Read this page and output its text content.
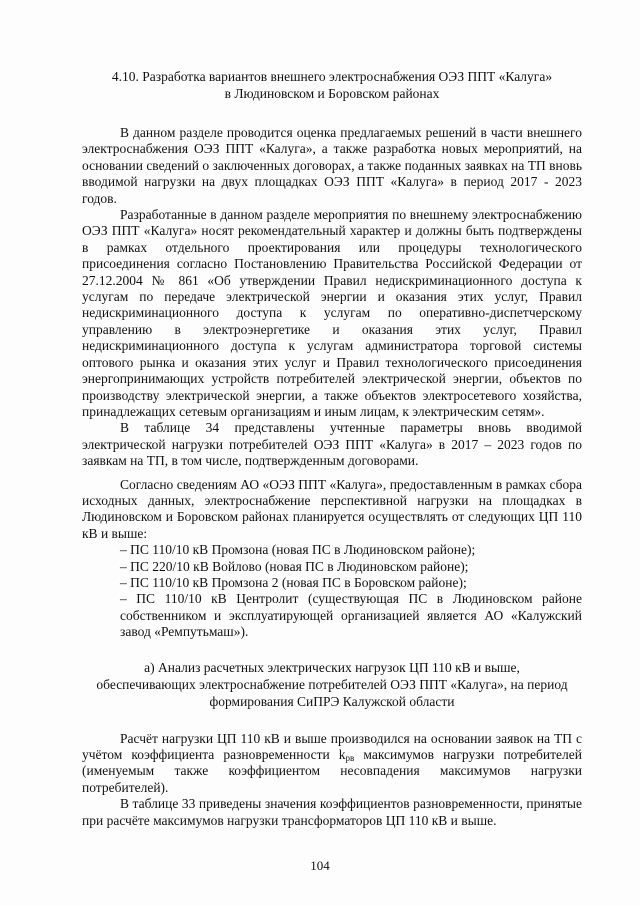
4.10. Разработка вариантов внешнего электроснабжения ОЭЗ ППТ «Калуга»
в Людиновском и Боровском районах

В данном разделе проводится оценка предлагаемых решений в части внешнего электроснабжения ОЭЗ ППТ «Калуга», а также разработка новых мероприятий, на основании сведений о заключенных договорах, а также поданных заявках на ТП вновь вводимой нагрузки на двух площадках ОЭЗ ППТ «Калуга» в период 2017 - 2023 годов.

Разработанные в данном разделе мероприятия по внешнему электроснабжению ОЭЗ ППТ «Калуга» носят рекомендательный характер и должны быть подтверждены в рамках отдельного проектирования или процедуры технологического присоединения согласно Постановлению Правительства Российской Федерации от 27.12.2004 № 861 «Об утверждении Правил недискриминационного доступа к услугам по передаче электрической энергии и оказания этих услуг, Правил недискриминационного доступа к услугам по оперативно-диспетчерскому управлению в электроэнергетике и оказания этих услуг, Правил недискриминационного доступа к услугам администратора торговой системы оптового рынка и оказания этих услуг и Правил технологического присоединения энергопринимающих устройств потребителей электрической энергии, объектов по производству электрической энергии, а также объектов электросетевого хозяйства, принадлежащих сетевым организациям и иным лицам, к электрическим сетям».

В таблице 34 представлены учтенные параметры вновь вводимой электрической нагрузки потребителей ОЭЗ ППТ «Калуга» в 2017 – 2023 годов по заявкам на ТП, в том числе, подтвержденным договорами.

Согласно сведениям АО «ОЭЗ ППТ «Калуга», предоставленным в рамках сбора исходных данных, электроснабжение перспективной нагрузки на площадках в Людиновском и Боровском районах планируется осуществлять от следующих ЦП 110 кВ и выше:

– ПС 110/10 кВ Промзона (новая ПС в Людиновском районе);
– ПС 220/10 кВ Войлово (новая ПС в Людиновском районе);
– ПС 110/10 кВ Промзона 2 (новая ПС в Боровском районе);
– ПС 110/10 кВ Центролит (существующая ПС в Людиновском районе собственником и эксплуатирующей организацией является АО «Калужский завод «Ремпутьмаш»).
а) Анализ расчетных электрических нагрузок ЦП 110 кВ и выше,
обеспечивающих электроснабжение потребителей ОЭЗ ППТ «Калуга», на период
формирования СиПРЭ Калужской области

Расчёт нагрузки ЦП 110 кВ и выше производился на основании заявок на ТП с учётом коэффициента разновременности $k_{рв}$ максимумов нагрузки потребителей (именуемым также коэффициентом несовпадения максимумов нагрузки потребителей).

В таблице 33 приведены значения коэффициентов разновременности, принятые при расчёте максимумов нагрузки трансформаторов ЦП 110 кВ и выше.

104
